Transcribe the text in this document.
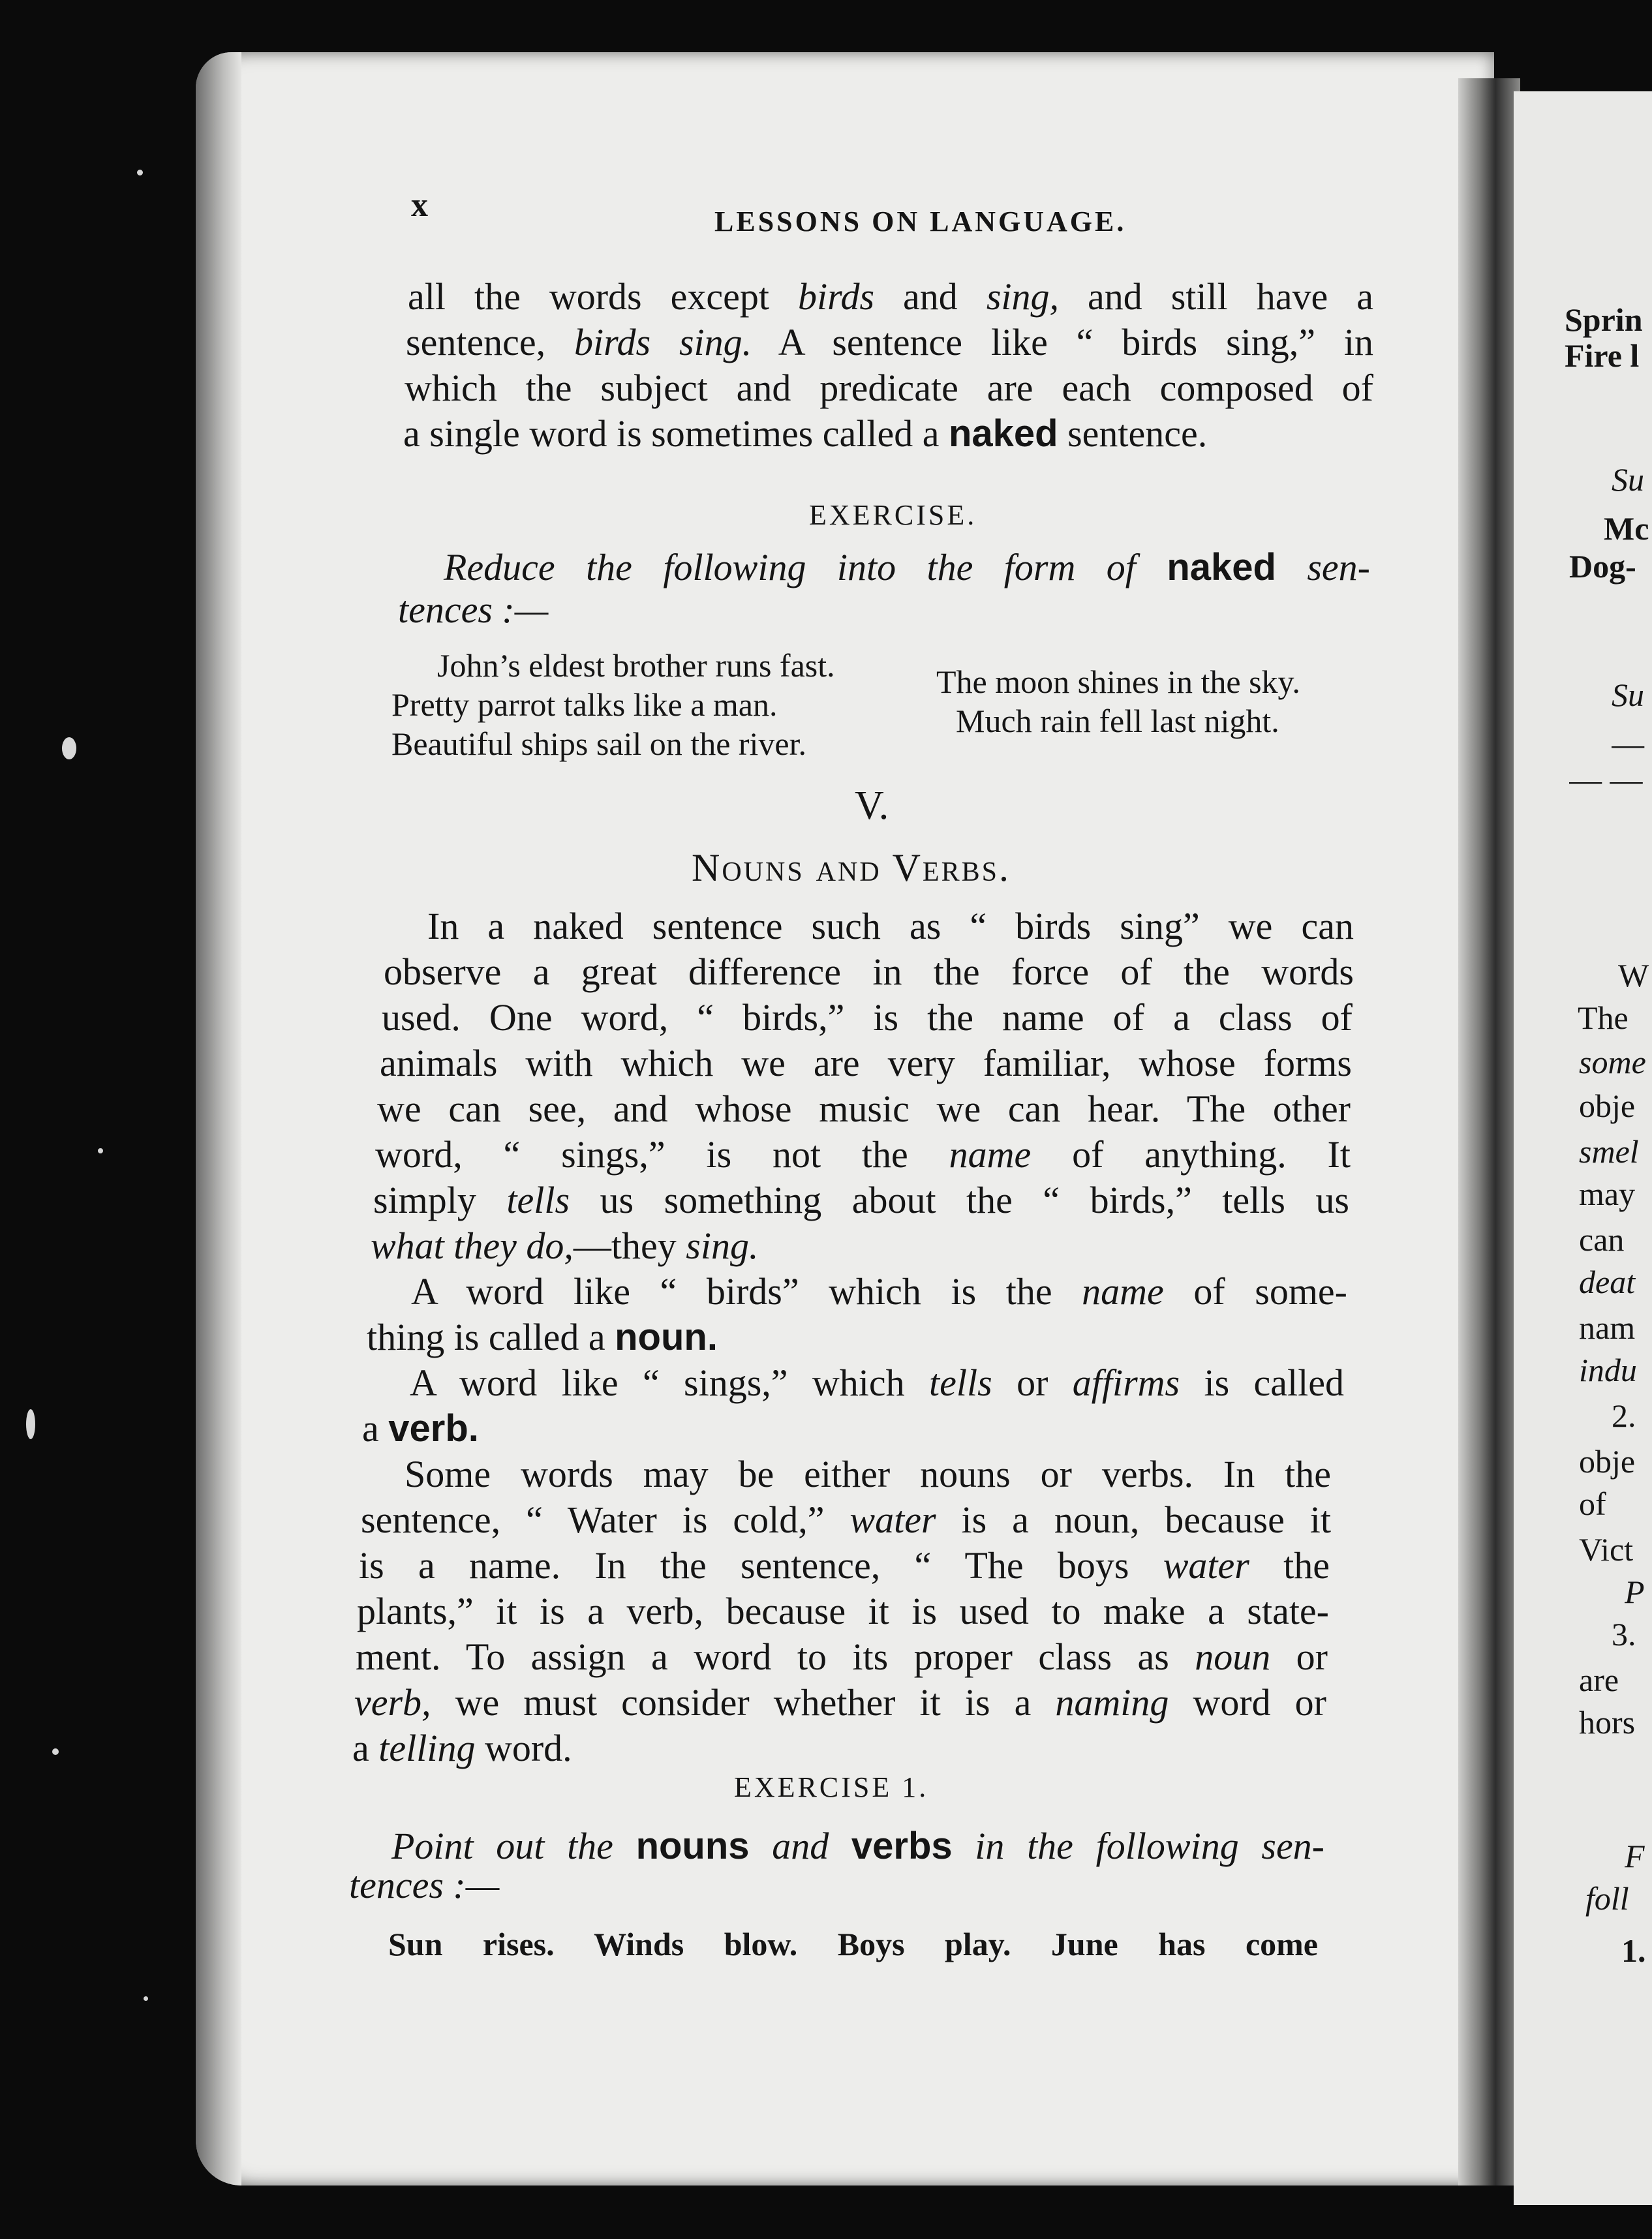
x	LESSONS ON LANGUAGE.
all the words except birds and sing, and still have a
sentence, birds sing. A sentence like “ birds sing,” in
which the subject and predicate are each composed of
a single word is sometimes called a naked sentence.
EXERCISE.
Reduce the following into the form of naked sen-
tences :—
John’s eldest brother runs fast.
Pretty parrot talks like a man.
Beautiful ships sail on the river.
The moon shines in the sky.
Much rain fell last night.
V.
Nouns and Verbs.
In a naked sentence such as “ birds sing” we can
observe a great difference in the force of the words
used. One word, “ birds,” is the name of a class of
animals with which we are very familiar, whose forms
we can see, and whose music we can hear. The other
word, “ sings,” is not the name of anything. It
simply tells us something about the “ birds,” tells us
what they do,—they sing.
A word like “ birds” which is the name of some-
thing is called a noun.
A word like “ sings,” which tells or affirms is called
a verb.
Some words may be either nouns or verbs. In the
sentence, “ Water is cold,” water is a noun, because it
is a name. In the sentence, “ The boys water the
plants,” it is a verb, because it is used to make a state-
ment. To assign a word to its proper class as noun or
verb, we must consider whether it is a naming word or
a telling word.
EXERCISE 1.
Point out the nouns and verbs in the following sen-
tences :—
Sun rises. Winds blow. Boys play. June has come
Sprin
Fire l
Su
Mc
Dog-
Su
—
— —
W
The
some
obje
smel
may
can
deat
nam
indu
2.
obje
of
Vict
P
3.
are
hors
F
foll
1.
